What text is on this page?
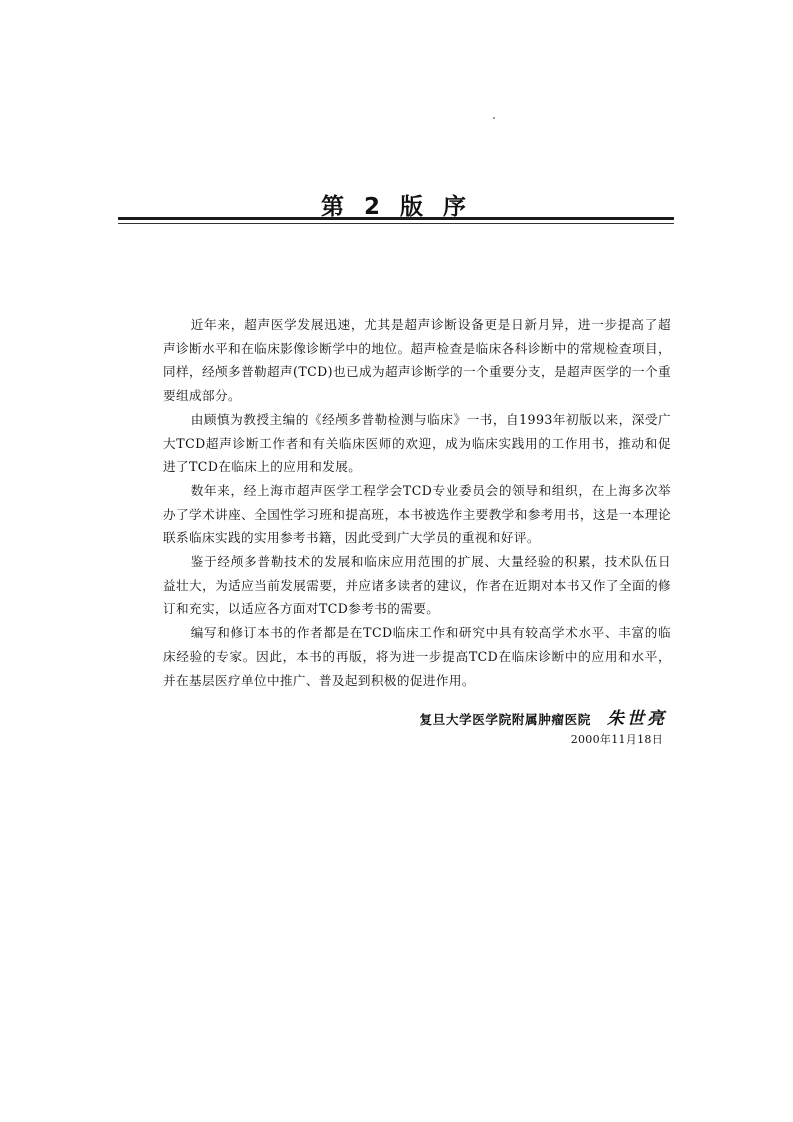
第 2 版 序

近年来，超声医学发展迅速，尤其是超声诊断设备更是日新月异，进一步提高了超声诊断水平和在临床影像诊断学中的地位。超声检查是临床各科诊断中的常规检查项目，同样，经颅多普勒超声(TCD)也已成为超声诊断学的一个重要分支，是超声医学的一个重要组成部分。

由顾慎为教授主编的《经颅多普勒检测与临床》一书，自1993年初版以来，深受广大TCD超声诊断工作者和有关临床医师的欢迎，成为临床实践用的工作用书，推动和促进了TCD在临床上的应用和发展。

数年来，经上海市超声医学工程学会TCD专业委员会的领导和组织，在上海多次举办了学术讲座、全国性学习班和提高班，本书被选作主要教学和参考用书，这是一本理论联系临床实践的实用参考书籍，因此受到广大学员的重视和好评。

鉴于经颅多普勒技术的发展和临床应用范围的扩展、大量经验的积累，技术队伍日益壮大，为适应当前发展需要，并应诸多读者的建议，作者在近期对本书又作了全面的修订和充实，以适应各方面对TCD参考书的需要。

编写和修订本书的作者都是在TCD临床工作和研究中具有较高学术水平、丰富的临床经验的专家。因此，本书的再版，将为进一步提高TCD在临床诊断中的应用和水平，并在基层医疗单位中推广、普及起到积极的促进作用。

复旦大学医学院附属肿瘤医院 朱世亮
2000年11月18日
